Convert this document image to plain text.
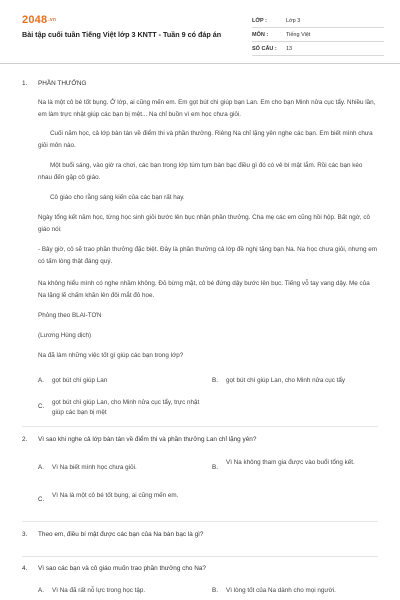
2048.vn
Bài tập cuối tuần Tiếng Việt lớp 3 KNTT - Tuần 9 có đáp án
LỚP :	Lớp 3
MÔN :	Tiếng Việt
SỐ CÂU :	13
1.	PHẦN THƯỞNG

Na là một cô bé tốt bụng. Ở lớp, ai cũng mến em. Em gọt bút chì giúp bạn Lan. Em cho bạn Minh nửa cục tẩy. Nhiều lần, em làm trực nhật giúp các bạn bị mệt... Na chỉ buồn vì em học chưa giỏi.

Cuối năm học, cả lớp bàn tán về điểm thi và phần thưởng. Riêng Na chỉ lặng yên nghe các bạn. Em biết mình chưa giỏi môn nào.

Một buổi sáng, vào giờ ra chơi, các bạn trong lớp túm tụm bàn bạc điều gì đó có vẻ bí mật lắm. Rồi các bạn kéo nhau đến gặp cô giáo.

Cô giáo cho rằng sáng kiến của các bạn rất hay.

Ngày tổng kết năm học, từng học sinh giỏi bước lên bục nhận phần thưởng. Cha mẹ các em cũng hồi hộp. Bất ngờ, cô giáo nói:

- Bây giờ, cô sẽ trao phần thưởng đặc biệt. Đây là phần thưởng cả lớp đề nghị tặng bạn Na. Na học chưa giỏi, nhưng em có tấm lòng thật đáng quý.

Na không hiểu mình có nghe nhầm không. Đỏ bừng mặt, cô bé đứng dậy bước lên bục. Tiếng vỗ tay vang dậy. Mẹ của Na lặng lẽ chấm khăn lên đôi mắt đỏ hoe.

Phỏng theo BLAI-TƠN

(Lương Hùng dịch)

Na đã làm những việc tốt gì giúp các bạn trong lớp?

A.	gọt bút chì giúp Lan	B.	gọt bút chì giúp Lan, cho Minh nửa cục tẩy
C.
gọt bút chì giúp Lan, cho Minh nửa cục tẩy, trực nhật giúp các bạn bị mệt
2.	Vì sao khi nghe cả lớp bàn tán về điểm thi và phần thưởng Lan chỉ lặng yên?
A.	Vì Na biết mình học chưa giỏi.	B.
Vì Na không tham gia được vào buổi tổng kết.
C.
Vì Na là một cô bé tốt bụng, ai cũng mến em.
3.	Theo em, điều bí mật được các bạn của Na bàn bạc là gì?
4.	Vì sao các bạn và cô giáo muốn trao phần thưởng cho Na?
A.	Vì Na đã rất nỗ lực trong học tập.	B.	Vì lòng tốt của Na dành cho mọi người.
